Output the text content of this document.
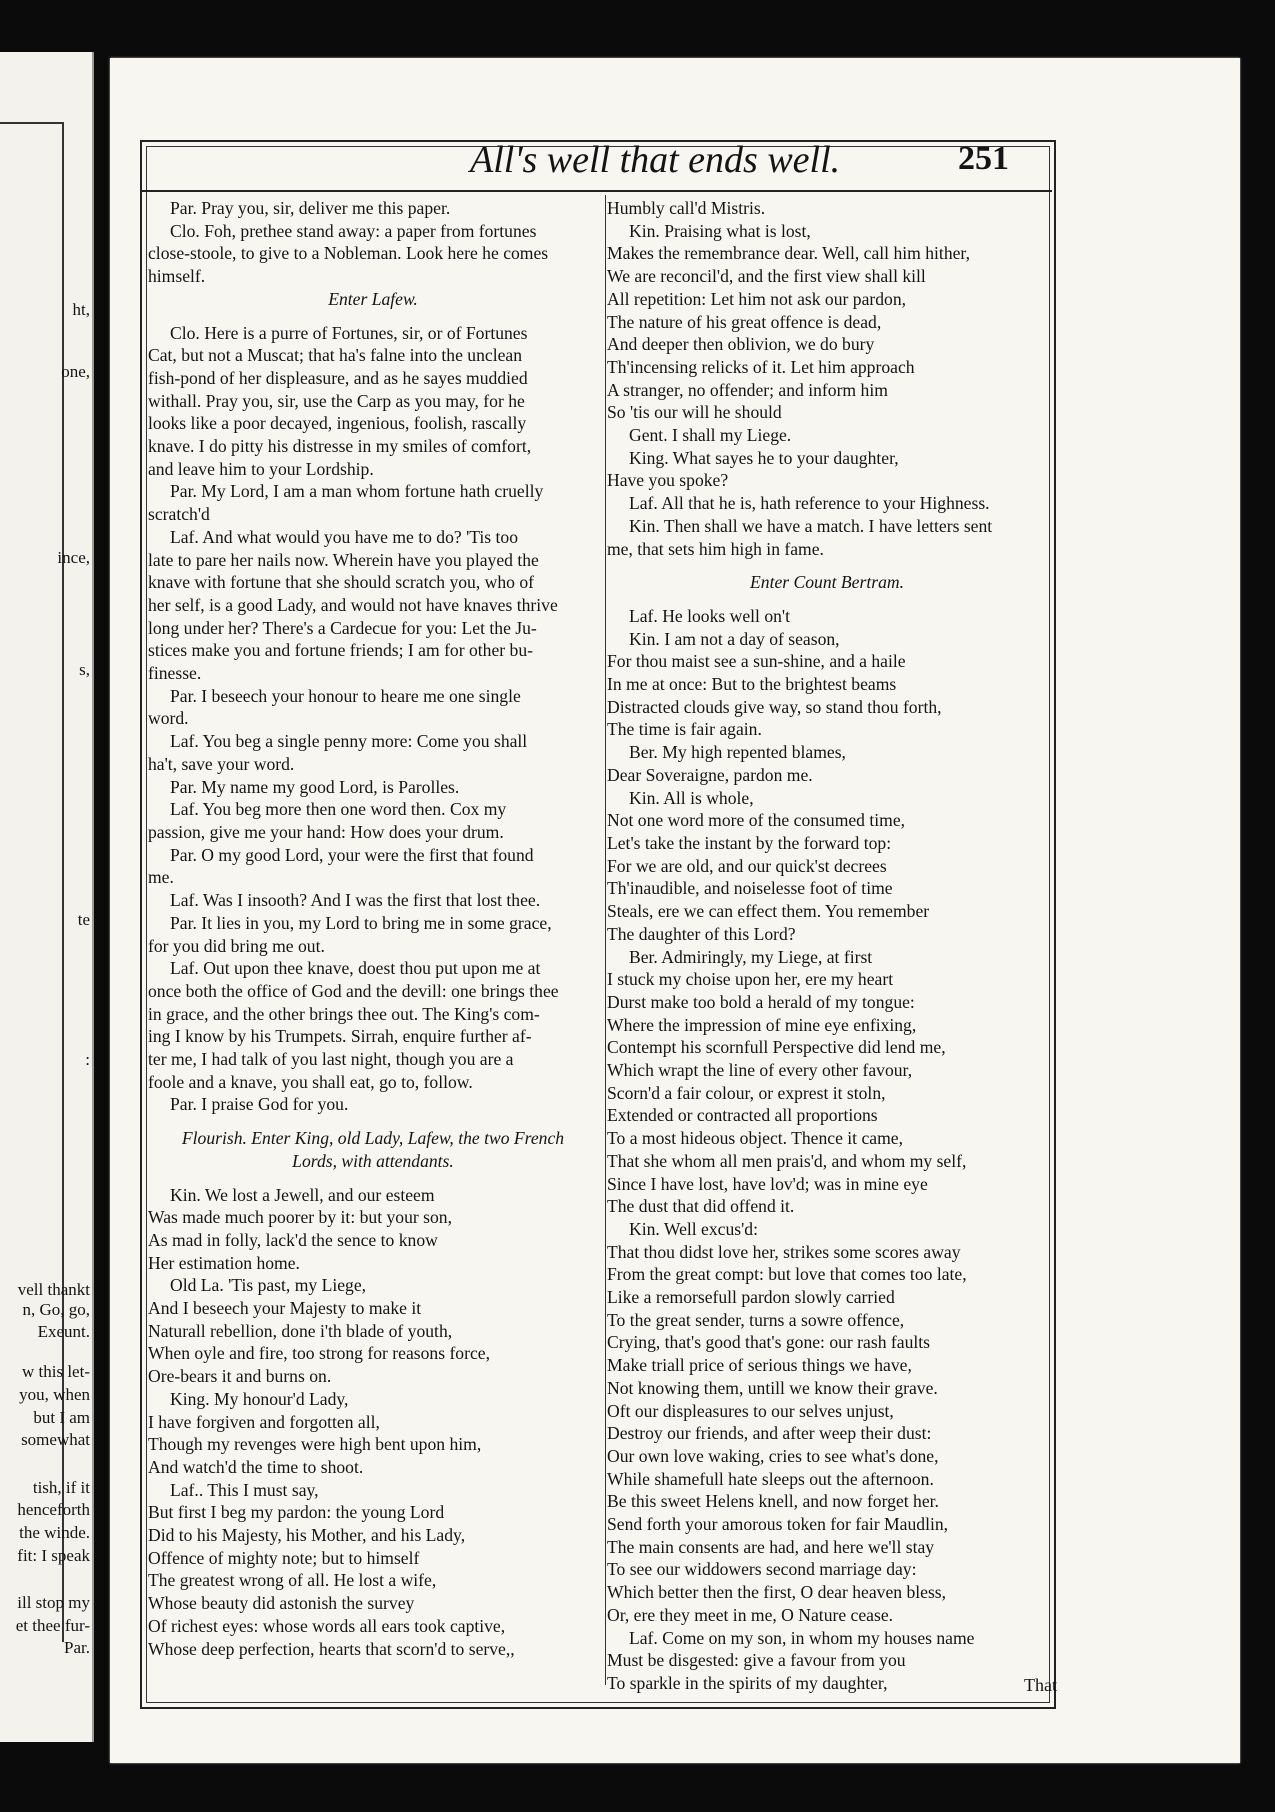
ht,
one,
ince,
s,
te
:
vell thankt
n, Go, go,
Exeunt.
w this let-
you, when
but I am
somewhat
tish, if it
henceforth
the winde.
fit: I speak
ill stop my
et thee fur-
Par.
All's well that ends well.	251
Par. Pray you, sir, deliver me this paper.
Clo. Foh, prethee stand away: a paper from fortunes
close-stoole, to give to a Nobleman. Look here he comes
himself.
Enter Lafew.
Clo. Here is a purre of Fortunes, sir, or of Fortunes
Cat, but not a Muscat; that ha's falne into the unclean
fish-pond of her displeasure, and as he sayes muddied
withall. Pray you, sir, use the Carp as you may, for he
looks like a poor decayed, ingenious, foolish, rascally
knave. I do pitty his distresse in my smiles of comfort,
and leave him to your Lordship.
Par. My Lord, I am a man whom fortune hath cruelly
scratch'd
Laf. And what would you have me to do? 'Tis too
late to pare her nails now. Wherein have you played the
knave with fortune that she should scratch you, who of
her self, is a good Lady, and would not have knaves thrive
long under her? There's a Cardecue for you: Let the Ju-
stices make you and fortune friends; I am for other bu-
finesse.
Par. I beseech your honour to heare me one single
word.
Laf. You beg a single penny more: Come you shall
ha't, save your word.
Par. My name my good Lord, is Parolles.
Laf. You beg more then one word then. Cox my
passion, give me your hand: How does your drum.
Par. O my good Lord, your were the first that found
me.
Laf. Was I insooth? And I was the first that lost thee.
Par. It lies in you, my Lord to bring me in some grace,
for you did bring me out.
Laf. Out upon thee knave, doest thou put upon me at
once both the office of God and the devill: one brings thee
in grace, and the other brings thee out. The King's com-
ing I know by his Trumpets. Sirrah, enquire further af-
ter me, I had talk of you last night, though you are a
foole and a knave, you shall eat, go to, follow.
Par. I praise God for you.
Flourish. Enter King, old Lady, Lafew, the two French
Lords, with attendants.
Kin. We lost a Jewell, and our esteem
Was made much poorer by it: but your son,
As mad in folly, lack'd the sence to know
Her estimation home.
Old La. 'Tis past, my Liege,
And I beseech your Majesty to make it
Naturall rebellion, done i'th blade of youth,
When oyle and fire, too strong for reasons force,
Ore-bears it and burns on.
King. My honour'd Lady,
I have forgiven and forgotten all,
Though my revenges were high bent upon him,
And watch'd the time to shoot.
Laf.. This I must say,
But first I beg my pardon: the young Lord
Did to his Majesty, his Mother, and his Lady,
Offence of mighty note; but to himself
The greatest wrong of all. He lost a wife,
Whose beauty did astonish the survey
Of richest eyes: whose words all ears took captive,
Whose deep perfection, hearts that scorn'd to serve,,
Humbly call'd Mistris.
Kin. Praising what is lost,
Makes the remembrance dear. Well, call him hither,
We are reconcil'd, and the first view shall kill
All repetition: Let him not ask our pardon,
The nature of his great offence is dead,
And deeper then oblivion, we do bury
Th'incensing relicks of it. Let him approach
A stranger, no offender; and inform him
So 'tis our will he should
Gent. I shall my Liege.
King. What sayes he to your daughter,
Have you spoke?
Laf. All that he is, hath reference to your Highness.
Kin. Then shall we have a match. I have letters sent
me, that sets him high in fame.
Enter Count Bertram.
Laf. He looks well on't
Kin. I am not a day of season,
For thou maist see a sun-shine, and a haile
In me at once: But to the brightest beams
Distracted clouds give way, so stand thou forth,
The time is fair again.
Ber. My high repented blames,
Dear Soveraigne, pardon me.
Kin. All is whole,
Not one word more of the consumed time,
Let's take the instant by the forward top:
For we are old, and our quick'st decrees
Th'inaudible, and noiselesse foot of time
Steals, ere we can effect them. You remember
The daughter of this Lord?
Ber. Admiringly, my Liege, at first
I stuck my choise upon her, ere my heart
Durst make too bold a herald of my tongue:
Where the impression of mine eye enfixing,
Contempt his scornfull Perspective did lend me,
Which wrapt the line of every other favour,
Scorn'd a fair colour, or exprest it stoln,
Extended or contracted all proportions
To a most hideous object. Thence it came,
That she whom all men prais'd, and whom my self,
Since I have lost, have lov'd; was in mine eye
The dust that did offend it.
Kin. Well excus'd:
That thou didst love her, strikes some scores away
From the great compt: but love that comes too late,
Like a remorsefull pardon slowly carried
To the great sender, turns a sowre offence,
Crying, that's good that's gone: our rash faults
Make triall price of serious things we have,
Not knowing them, untill we know their grave.
Oft our displeasures to our selves unjust,
Destroy our friends, and after weep their dust:
Our own love waking, cries to see what's done,
While shamefull hate sleeps out the afternoon.
Be this sweet Helens knell, and now forget her.
Send forth your amorous token for fair Maudlin,
The main consents are had, and here we'll stay
To see our widdowers second marriage day:
Which better then the first, O dear heaven bless,
Or, ere they meet in me, O Nature cease.
Laf. Come on my son, in whom my houses name
Must be disgested: give a favour from you
To sparkle in the spirits of my daughter,	That
